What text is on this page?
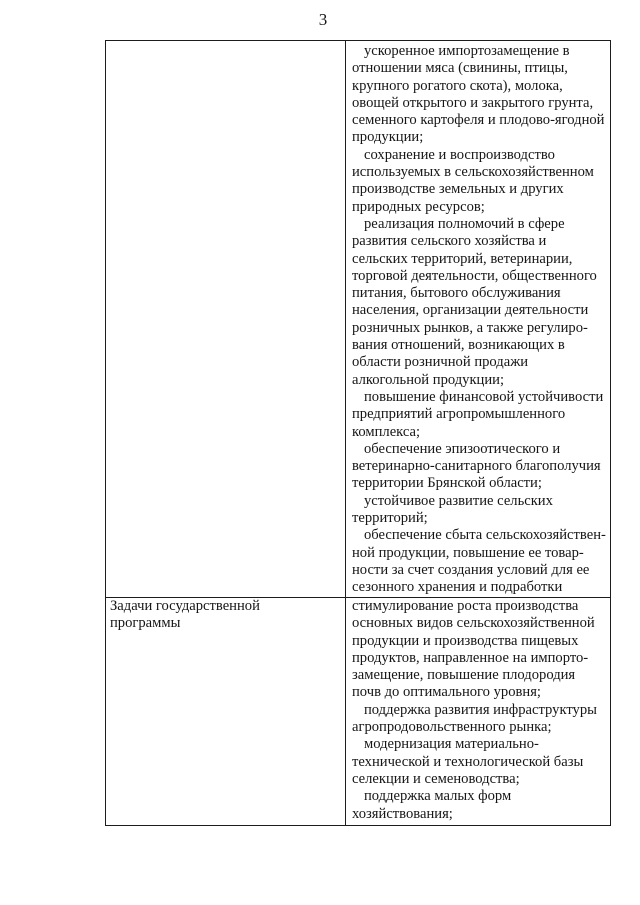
3
ускоренное импортозамещение в
отношении мяса (свинины, птицы,
крупного рогатого скота), молока,
овощей открытого и закрытого грунта,
семенного картофеля и плодово-ягодной
продукции;
сохранение и воспроизводство
используемых в сельскохозяйственном
производстве земельных и других
природных ресурсов;
реализация полномочий в сфере
развития сельского хозяйства и
сельских территорий, ветеринарии,
торговой деятельности, общественного
питания, бытового обслуживания
населения, организации деятельности
розничных рынков, а также регулиро-
вания отношений, возникающих в
области розничной продажи
алкогольной продукции;
повышение финансовой устойчивости
предприятий агропромышленного
комплекса;
обеспечение эпизоотического и
ветеринарно-санитарного благополучия
территории Брянской области;
устойчивое развитие сельских
территорий;
обеспечение сбыта сельскохозяйствен-
ной продукции, повышение ее товар-
ности за счет создания условий для ее
сезонного хранения и подработки
Задачи государственной
программы
стимулирование роста производства
основных видов сельскохозяйственной
продукции и производства пищевых
продуктов, направленное на импорто-
замещение, повышение плодородия
почв до оптимального уровня;
поддержка развития инфраструктуры
агропродовольственного рынка;
модернизация материально-
технической и технологической базы
селекции и семеноводства;
поддержка малых форм
хозяйствования;
